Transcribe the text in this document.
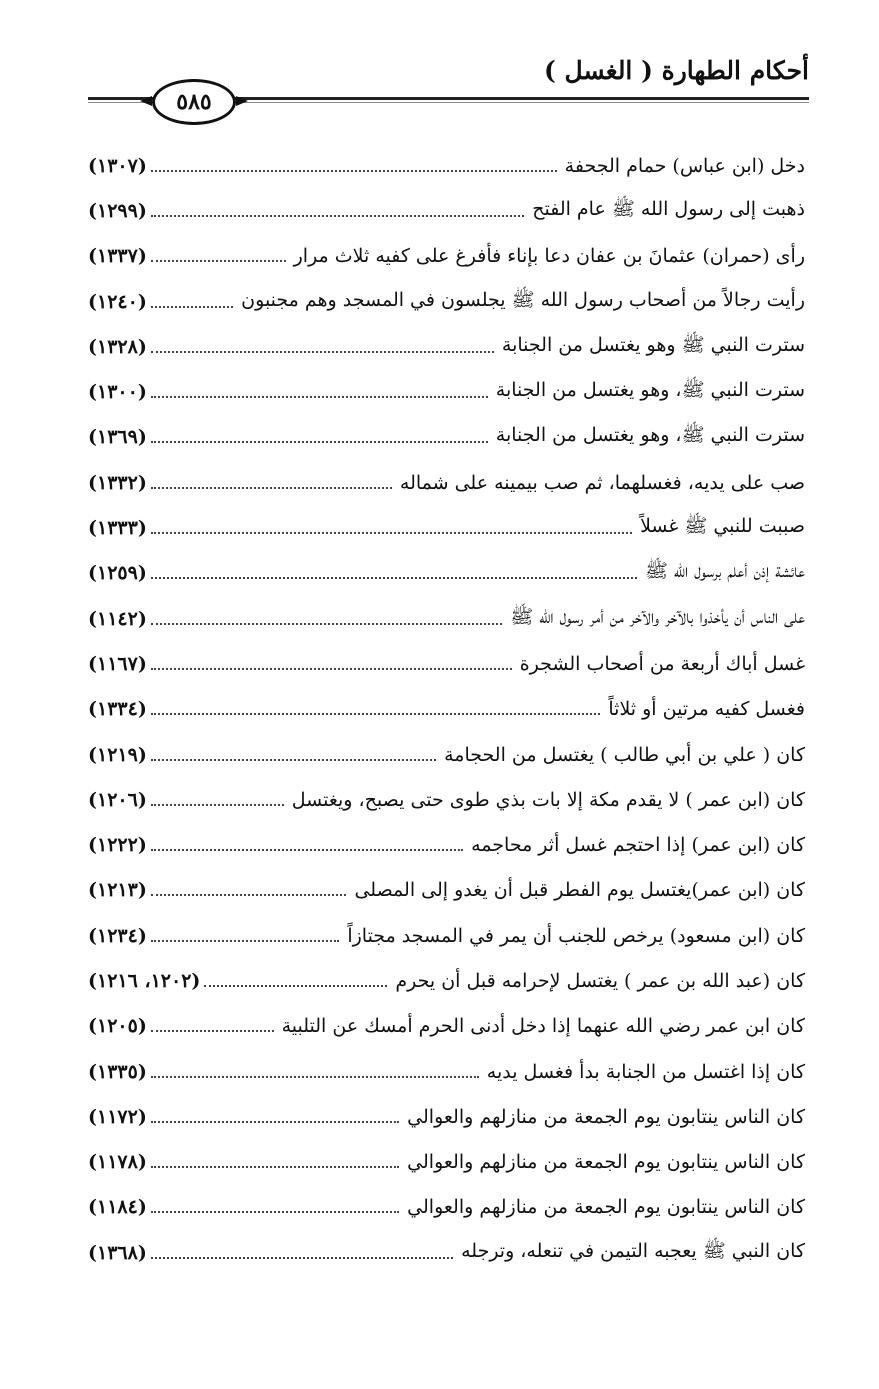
أحكام الطهارة ( الغسل )
٥٨٥
دخل (ابن عباس) حمام الجحفة
(١٣٠٧)
ذهبت إلى رسول الله ﷺ عام الفتح
(١٢٩٩)
رأى (حمران) عثمانَ بن عفان دعا بإناء فأفرغ على كفيه ثلاث مرار
(١٣٣٧)
رأيت رجالاً من أصحاب رسول الله ﷺ يجلسون في المسجد وهم مجنبون
(١٢٤٠)
سترت النبي ﷺ وهو يغتسل من الجنابة
(١٣٢٨)
سترت النبي ﷺ، وهو يغتسل من الجنابة
(١٣٠٠)
سترت النبي ﷺ، وهو يغتسل من الجنابة
(١٣٦٩)
صب على يديه، فغسلهما، ثم صب بيمينه على شماله
(١٣٣٢)
صببت للنبي ﷺ غسلاً
(١٣٣٣)
عائشة إذن أعلم برسول الله ﷺ
(١٢٥٩)
على الناس أن يأخذوا بالآخر والآخر من أمر رسول الله ﷺ
(١١٤٢)
غسل أباك أربعة من أصحاب الشجرة
(١١٦٧)
فغسل كفيه مرتين أو ثلاثاً
(١٣٣٤)
كان ( علي بن أبي طالب ) يغتسل من الحجامة
(١٢١٩)
كان (ابن عمر ) لا يقدم مكة إلا بات بذي طوى حتى يصبح، ويغتسل
(١٢٠٦)
كان (ابن عمر) إذا احتجم غسل أثر محاجمه
(١٢٢٢)
كان (ابن عمر)يغتسل يوم الفطر قبل أن يغدو إلى المصلى
(١٢١٣)
كان (ابن مسعود) يرخص للجنب أن يمر في المسجد مجتازاً
(١٢٣٤)
كان (عبد الله بن عمر ) يغتسل لإحرامه قبل أن يحرم
(١٢٠٢، ١٢١٦)
كان ابن عمر رضي الله عنهما إذا دخل أدنى الحرم أمسك عن التلبية
(١٢٠٥)
كان إذا اغتسل من الجنابة بدأ فغسل يديه
(١٣٣٥)
كان الناس ينتابون يوم الجمعة من منازلهم والعوالي
(١١٧٢)
كان الناس ينتابون يوم الجمعة من منازلهم والعوالي
(١١٧٨)
كان الناس ينتابون يوم الجمعة من منازلهم والعوالي
(١١٨٤)
كان النبي ﷺ يعجبه التيمن في تنعله، وترجله
(١٣٦٨)
